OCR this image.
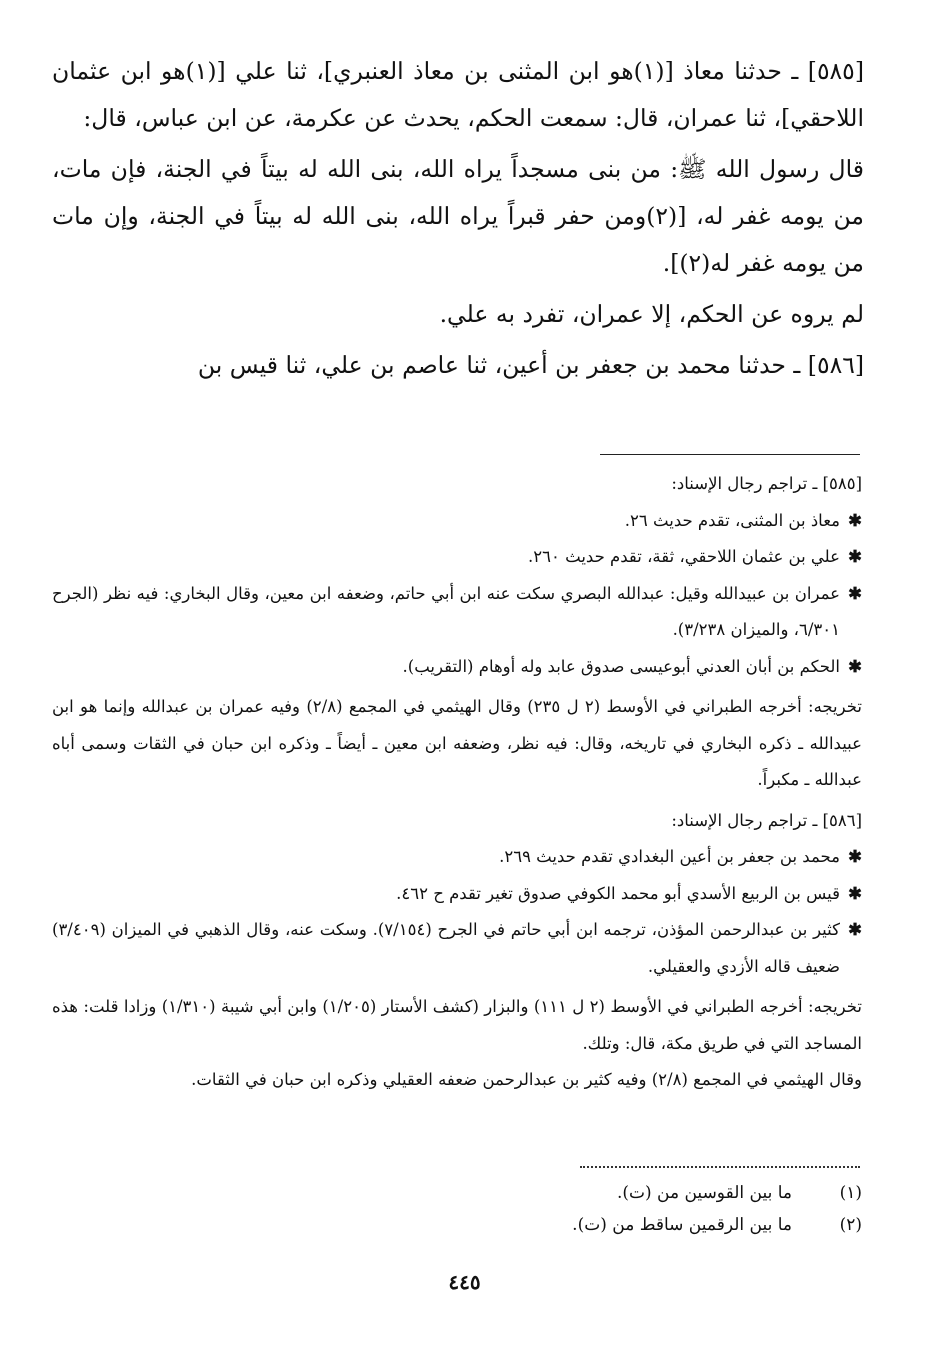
[٥٨٥] ـ حدثنا معاذ [(١)هو ابن المثنى بن معاذ العنبري]، ثنا علي [(١)هو ابن عثمان اللاحقي]، ثنا عمران، قال: سمعت الحكم، يحدث عن عكرمة، عن ابن عباس، قال:

قال رسول الله ﷺ: من بنى مسجداً يراه الله، بنى الله له بيتاً في الجنة، فإن مات، من يومه غفر له، [(٢)ومن حفر قبراً يراه الله، بنى الله له بيتاً في الجنة، وإن مات من يومه غفر له(٢)].

لم يروه عن الحكم، إلا عمران، تفرد به علي.

[٥٨٦] ـ حدثنا محمد بن جعفر بن أعين، ثنا عاصم بن علي، ثنا قيس بن

[٥٨٥] ـ تراجم رجال الإسناد:

✱معاذ بن المثنى، تقدم حديث ٢٦.

✱علي بن عثمان اللاحقي، ثقة، تقدم حديث ٢٦٠.

✱عمران بن عبيدالله وقيل: عبدالله البصري سكت عنه ابن أبي حاتم، وضعفه ابن معين، وقال البخاري: فيه نظر (الجرح ٦/٣٠١، والميزان ٣/٢٣٨).

✱الحكم بن أبان العدني أبوعيسى صدوق عابد وله أوهام (التقريب).

تخريجه: أخرجه الطبراني في الأوسط (٢ ل ٢٣٥) وقال الهيثمي في المجمع (٢/٨) وفيه عمران بن عبدالله وإنما هو ابن عبيدالله ـ ذكره البخاري في تاريخه، وقال: فيه نظر، وضعفه ابن معين ـ أيضاً ـ وذكره ابن حبان في الثقات وسمى أباه عبدالله ـ مكبراً.

[٥٨٦] ـ تراجم رجال الإسناد:

✱محمد بن جعفر بن أعين البغدادي تقدم حديث ٢٦٩.

✱قيس بن الربيع الأسدي أبو محمد الكوفي صدوق تغير تقدم ح ٤٦٢.

✱كثير بن عبدالرحمن المؤذن، ترجمه ابن أبي حاتم في الجرح (٧/١٥٤). وسكت عنه، وقال الذهبي في الميزان (٣/٤٠٩) ضعيف قاله الأزدي والعقيلي.

تخريجه: أخرجه الطبراني في الأوسط (٢ ل ١١١) والبزار (كشف الأستار (١/٢٠٥) وابن أبي شيبة (١/٣١٠) وزادا قلت: هذه المساجد التي في طريق مكة، قال: وتلك.

وقال الهيثمي في المجمع (٢/٨) وفيه كثير بن عبدالرحمن ضعفه العقيلي وذكره ابن حبان في الثقات.

(١)ما بين القوسين من (ت).
(٢)ما بين الرقمين ساقط من (ت).
٤٤٥
